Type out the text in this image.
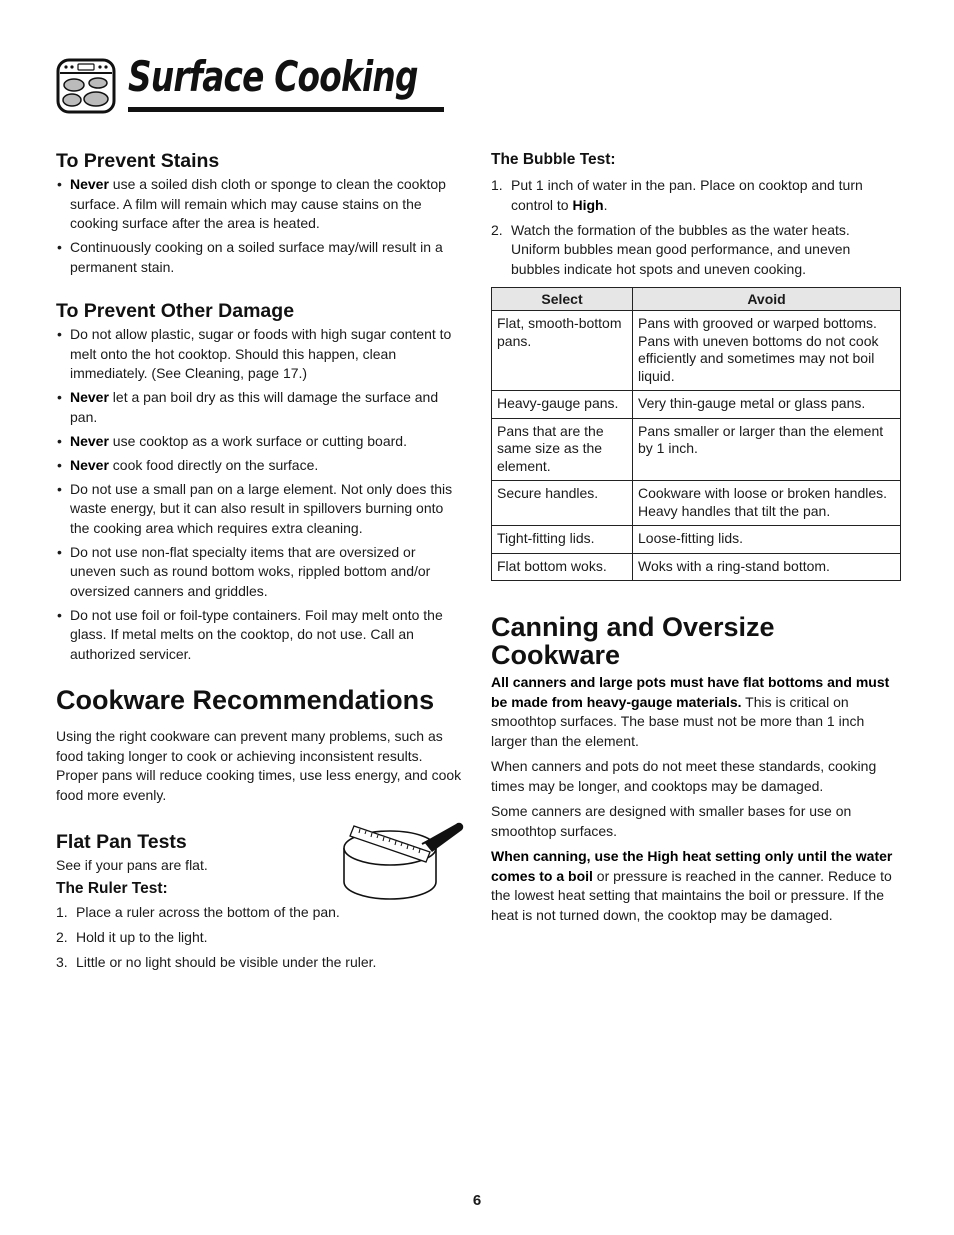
Surface Cooking
To Prevent Stains
• Never use a soiled dish cloth or sponge to clean the cooktop surface. A film will remain which may cause stains on the cooking surface after the area is heated.
• Continuously cooking on a soiled surface may/will result in a permanent stain.
To Prevent Other Damage
• Do not allow plastic, sugar or foods with high sugar content to melt onto the hot cooktop. Should this happen, clean immediately. (See Cleaning, page 17.)
• Never let a pan boil dry as this will damage the surface and pan.
• Never use cooktop as a work surface or cutting board.
• Never cook food directly on the surface.
• Do not use a small pan on a large element. Not only does this waste energy, but it can also result in spillovers burning onto the cooking area which requires extra cleaning.
• Do not use non-flat specialty items that are oversized or uneven such as round bottom woks, rippled bottom and/or oversized canners and griddles.
• Do not use foil or foil-type containers. Foil may melt onto the glass. If metal melts on the cooktop, do not use. Call an authorized servicer.
Cookware Recommendations

Using the right cookware can prevent many problems, such as food taking longer to cook or achieving inconsistent results. Proper pans will reduce cooking times, use less energy, and cook food more evenly.

Flat Pan Tests

See if your pans are flat.

The Ruler Test:
1. Place a ruler across the bottom of the pan.
2. Hold it up to the light.
3. Little or no light should be visible under the ruler.
The Bubble Test:
1. Put 1 inch of water in the pan. Place on cooktop and turn control to High.
2. Watch the formation of the bubbles as the water heats. Uniform bubbles mean good performance, and uneven bubbles indicate hot spots and uneven cooking.
Select	Avoid
Flat, smooth-bottom pans.	Pans with grooved or warped bottoms. Pans with uneven bottoms do not cook efficiently and sometimes may not boil liquid.
Heavy-gauge pans.	Very thin-gauge metal or glass pans.
Pans that are the same size as the element.	Pans smaller or larger than the element by 1 inch.
Secure handles.	Cookware with loose or broken handles. Heavy handles that tilt the pan.
Tight-fitting lids.	Loose-fitting lids.
Flat bottom woks.	Woks with a ring-stand bottom.
Canning and Oversize Cookware

All canners and large pots must have flat bottoms and must be made from heavy-gauge materials. This is critical on smoothtop surfaces. The base must not be more than 1 inch larger than the element.

When canners and pots do not meet these standards, cooking times may be longer, and cooktops may be damaged.

Some canners are designed with smaller bases for use on smoothtop surfaces.

When canning, use the High heat setting only until the water comes to a boil or pressure is reached in the canner. Reduce to the lowest heat setting that maintains the boil or pressure. If the heat is not turned down, the cooktop may be damaged.

6
